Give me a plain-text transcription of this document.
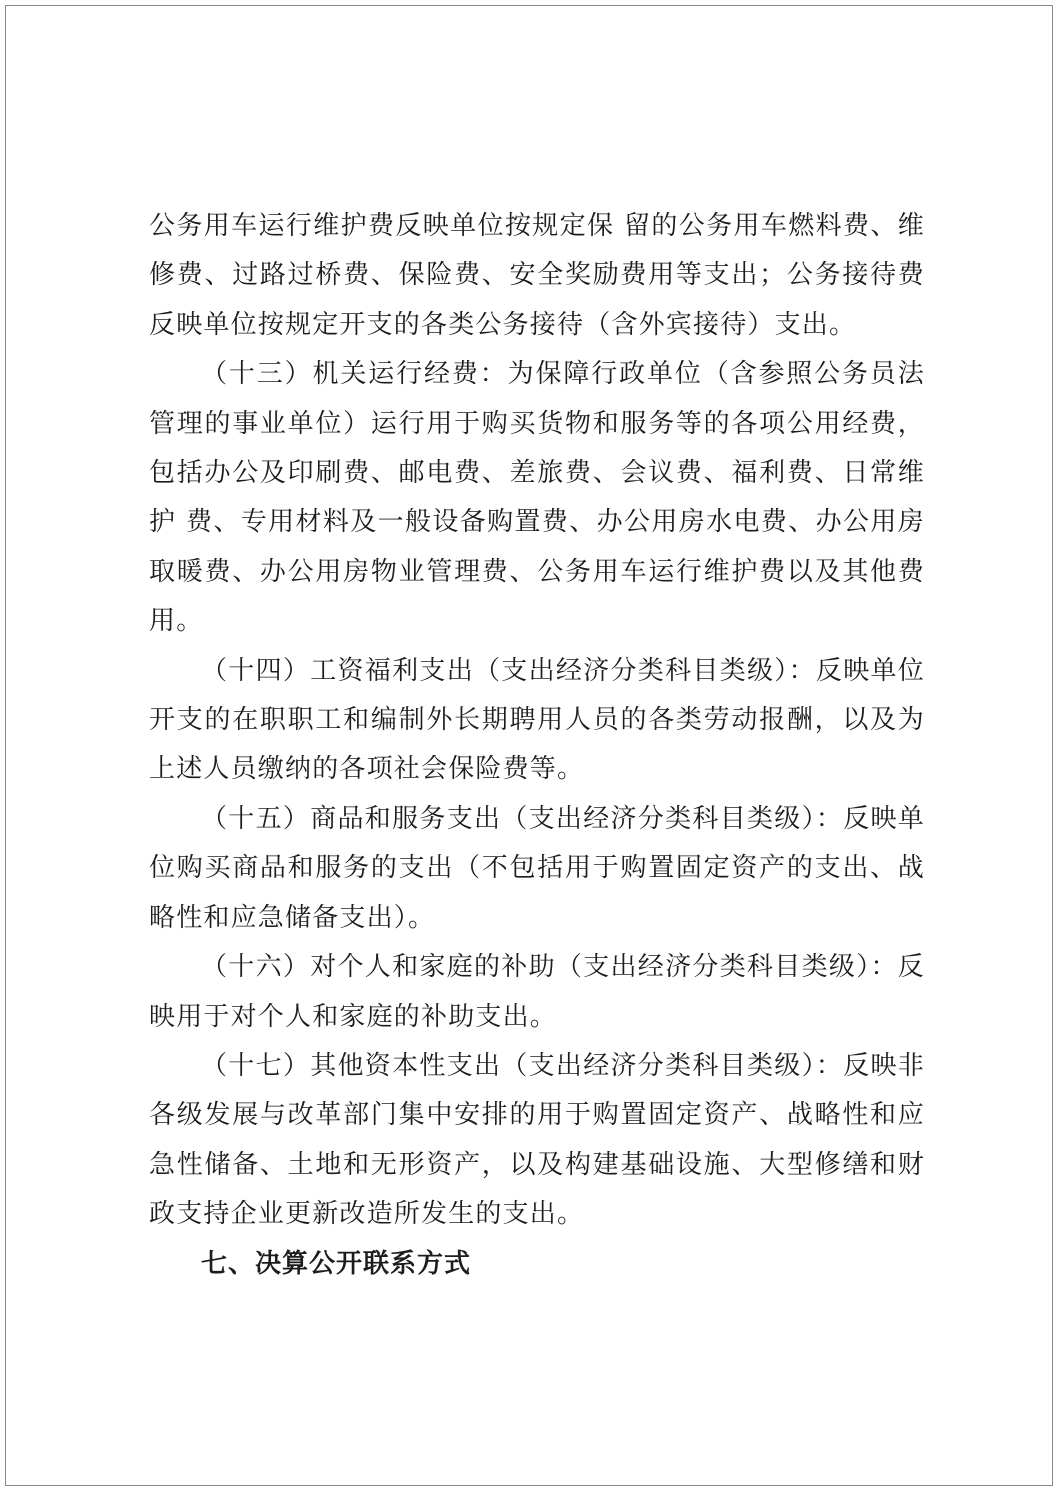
公务用车运行维护费反映单位按规定保 留的公务用车燃料费、维修费、过路过桥费、保险费、安全奖励费用等支出；公务接待费反映单位按规定开支的各类公务接待（含外宾接待）支出。

（十三）机关运行经费：为保障行政单位（含参照公务员法管理的事业单位）运行用于购买货物和服务等的各项公用经费，包括办公及印刷费、邮电费、差旅费、会议费、福利费、日常维护 费、专用材料及一般设备购置费、办公用房水电费、办公用房取暖费、办公用房物业管理费、公务用车运行维护费以及其他费用。

（十四）工资福利支出（支出经济分类科目类级）：反映单位开支的在职职工和编制外长期聘用人员的各类劳动报酬，以及为上述人员缴纳的各项社会保险费等。

（十五）商品和服务支出（支出经济分类科目类级）：反映单位购买商品和服务的支出（不包括用于购置固定资产的支出、战略性和应急储备支出）。

（十六）对个人和家庭的补助（支出经济分类科目类级）：反映用于对个人和家庭的补助支出。

（十七）其他资本性支出（支出经济分类科目类级）：反映非各级发展与改革部门集中安排的用于购置固定资产、战略性和应急性储备、土地和无形资产，以及构建基础设施、大型修缮和财政支持企业更新改造所发生的支出。

七、决算公开联系方式
